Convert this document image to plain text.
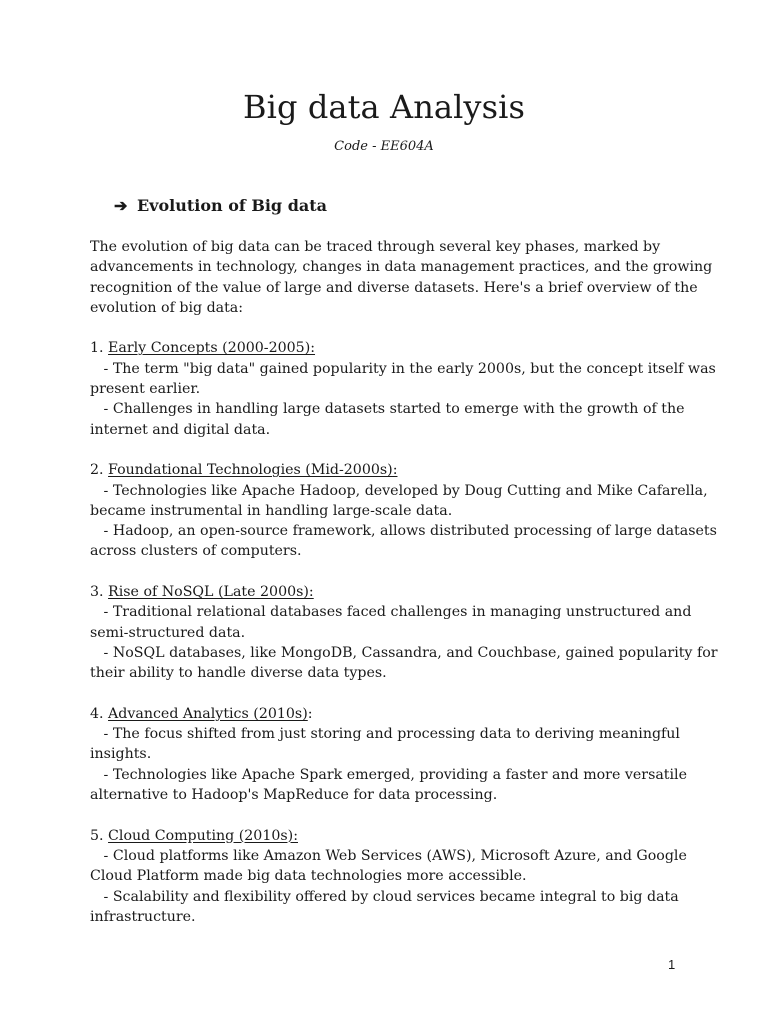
Big data Analysis
Code - EE604A
➔ Evolution of Big data
The evolution of big data can be traced through several key phases, marked by
advancements in technology, changes in data management practices, and the growing
recognition of the value of large and diverse datasets. Here's a brief overview of the
evolution of big data:
1. Early Concepts (2000-2005):
- The term "big data" gained popularity in the early 2000s, but the concept itself was
present earlier.
- Challenges in handling large datasets started to emerge with the growth of the
internet and digital data.
2. Foundational Technologies (Mid-2000s):
- Technologies like Apache Hadoop, developed by Doug Cutting and Mike Cafarella,
became instrumental in handling large-scale data.
- Hadoop, an open-source framework, allows distributed processing of large datasets
across clusters of computers.
3. Rise of NoSQL (Late 2000s):
- Traditional relational databases faced challenges in managing unstructured and
semi-structured data.
- NoSQL databases, like MongoDB, Cassandra, and Couchbase, gained popularity for
their ability to handle diverse data types.
4. Advanced Analytics (2010s):
- The focus shifted from just storing and processing data to deriving meaningful
insights.
- Technologies like Apache Spark emerged, providing a faster and more versatile
alternative to Hadoop's MapReduce for data processing.
5. Cloud Computing (2010s):
- Cloud platforms like Amazon Web Services (AWS), Microsoft Azure, and Google
Cloud Platform made big data technologies more accessible.
- Scalability and flexibility offered by cloud services became integral to big data
infrastructure.
1
